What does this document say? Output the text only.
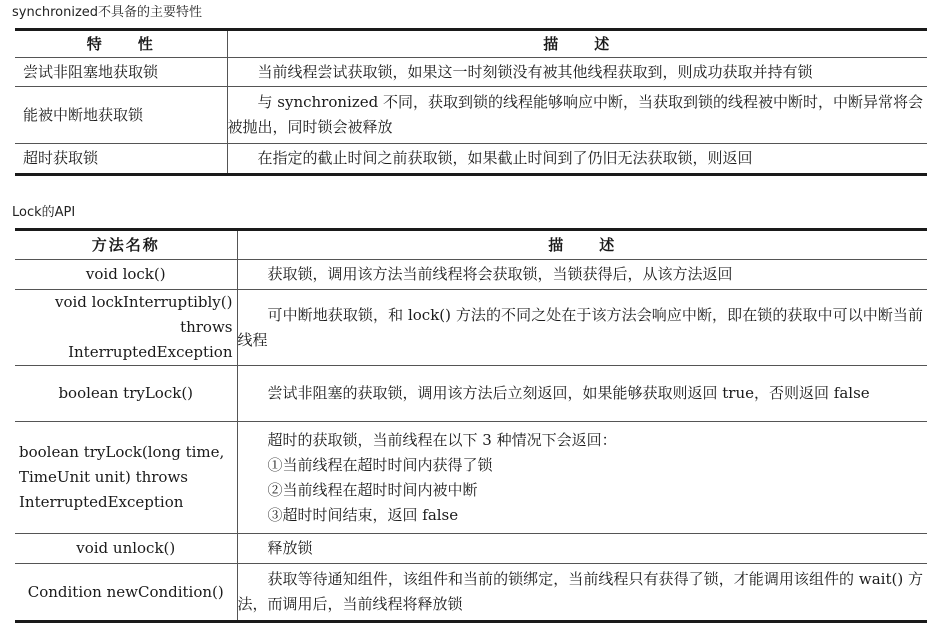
synchronized不具备的主要特性
特　　性	描　　述
尝试非阻塞地获取锁	当前线程尝试获取锁，如果这一时刻锁没有被其他线程获取到，则成功获取并持有锁
能被中断地获取锁	与 synchronized 不同，获取到锁的线程能够响应中断，当获取到锁的线程被中断时，中断异常将会被抛出，同时锁会被释放
超时获取锁	在指定的截止时间之前获取锁，如果截止时间到了仍旧无法获取锁，则返回
Lock的API
方法名称	描　　述
void lock()	获取锁，调用该方法当前线程将会获取锁，当锁获得后，从该方法返回
void lockInterruptibly() throws InterruptedException	可中断地获取锁，和 lock() 方法的不同之处在于该方法会响应中断，即在锁的获取中可以中断当前线程
boolean tryLock()	尝试非阻塞的获取锁，调用该方法后立刻返回，如果能够获取则返回 true，否则返回 false
boolean tryLock(long time, TimeUnit unit) throws InterruptedException	超时的获取锁，当前线程在以下 3 种情况下会返回：
①当前线程在超时时间内获得了锁
②当前线程在超时时间内被中断
③超时时间结束，返回 false

void unlock()	释放锁
Condition newCondition()	获取等待通知组件，该组件和当前的锁绑定，当前线程只有获得了锁，才能调用该组件的 wait() 方法，而调用后，当前线程将释放锁
